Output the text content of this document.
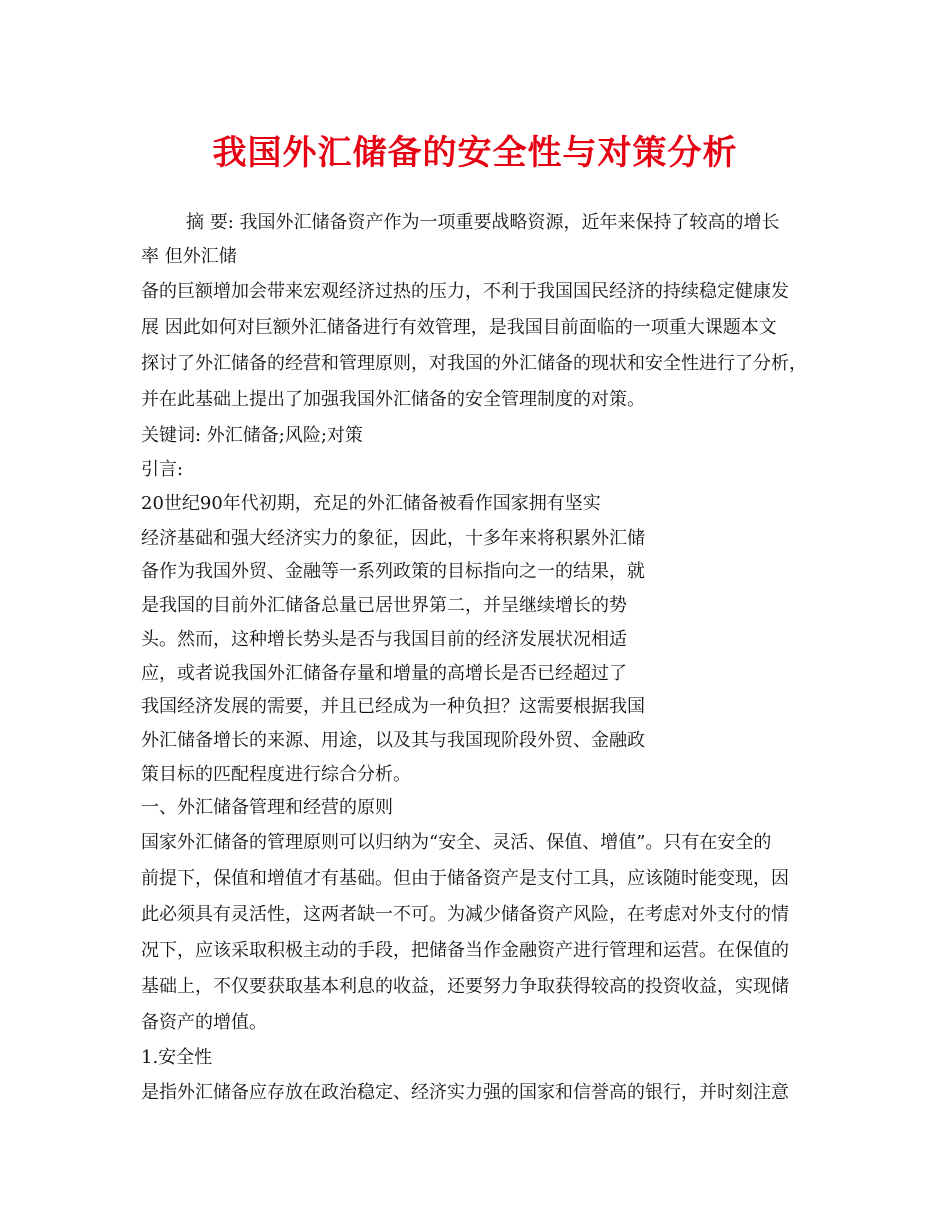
我国外汇储备的安全性与对策分析
摘 要: 我国外汇储备资产作为一项重要战略资源，近年来保持了较高的增长
率 但外汇储
备的巨额增加会带来宏观经济过热的压力，不利于我国国民经济的持续稳定健康发
展 因此如何对巨额外汇储备进行有效管理，是我国目前面临的一项重大课题本文
探讨了外汇储备的经营和管理原则，对我国的外汇储备的现状和安全性进行了分析，
并在此基础上提出了加强我国外汇储备的安全管理制度的对策。
关键词: 外汇储备;风险;对策
引言:
20世纪90年代初期，充足的外汇储备被看作国家拥有坚实
经济基础和强大经济实力的象征，因此，十多年来将积累外汇储
备作为我国外贸、金融等一系列政策的目标指向之一的结果，就
是我国的目前外汇储备总量已居世界第二，并呈继续增长的势
头。然而，这种增长势头是否与我国目前的经济发展状况相适
应，或者说我国外汇储备存量和增量的高增长是否已经超过了
我国经济发展的需要，并且已经成为一种负担？这需要根据我国
外汇储备增长的来源、用途，以及其与我国现阶段外贸、金融政
策目标的匹配程度进行综合分析。
一、外汇储备管理和经营的原则
国家外汇储备的管理原则可以归纳为“安全、灵活、保值、增值”。只有在安全的
前提下，保值和增值才有基础。但由于储备资产是支付工具，应该随时能变现，因
此必须具有灵活性，这两者缺一不可。为减少储备资产风险，在考虑对外支付的情
况下，应该采取积极主动的手段，把储备当作金融资产进行管理和运营。在保值的
基础上，不仅要获取基本利息的收益，还要努力争取获得较高的投资收益，实现储
备资产的增值。
1.安全性
是指外汇储备应存放在政治稳定、经济实力强的国家和信誉高的银行，并时刻注意
